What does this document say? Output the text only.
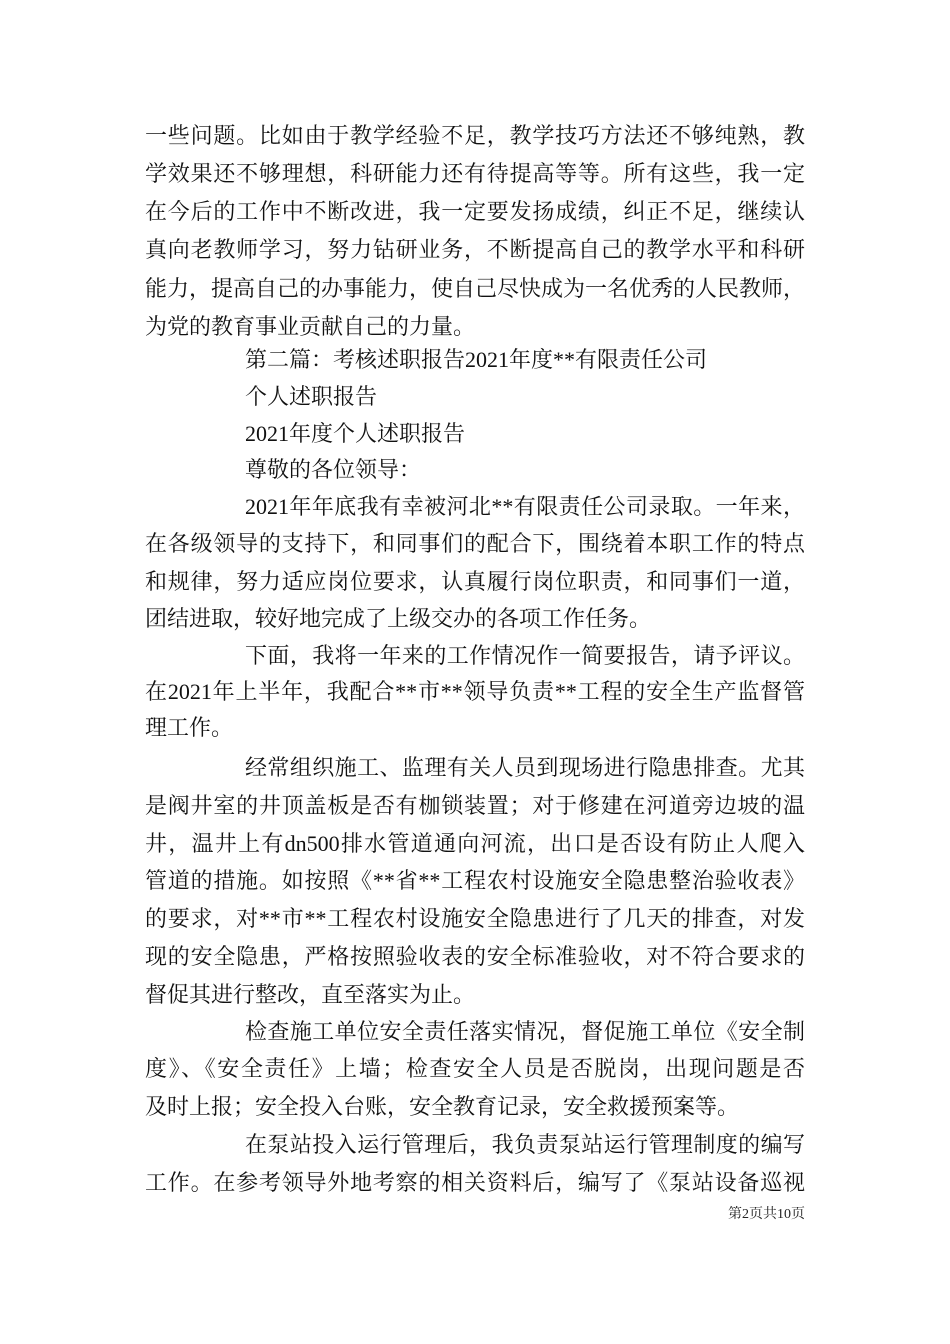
一些问题。比如由于教学经验不足，教学技巧方法还不够纯熟，教
学效果还不够理想，科研能力还有待提高等等。所有这些，我一定
在今后的工作中不断改进，我一定要发扬成绩，纠正不足，继续认
真向老教师学习，努力钻研业务，不断提高自己的教学水平和科研
能力，提高自己的办事能力，使自己尽快成为一名优秀的人民教师，
为党的教育事业贡献自己的力量。
第二篇：考核述职报告2021年度**有限责任公司
个人述职报告
2021年度个人述职报告
尊敬的各位领导：
2021年年底我有幸被河北**有限责任公司录取。一年来，
在各级领导的支持下，和同事们的配合下，围绕着本职工作的特点
和规律，努力适应岗位要求，认真履行岗位职责，和同事们一道，
团结进取，较好地完成了上级交办的各项工作任务。
下面，我将一年来的工作情况作一简要报告，请予评议。
在2021年上半年，我配合**市**领导负责**工程的安全生产监督管
理工作。
经常组织施工、监理有关人员到现场进行隐患排查。尤其
是阀井室的井顶盖板是否有枷锁装置；对于修建在河道旁边坡的温
井，温井上有dn500排水管道通向河流，出口是否设有防止人爬入
管道的措施。如按照《**省**工程农村设施安全隐患整治验收表》
的要求，对**市**工程农村设施安全隐患进行了几天的排查，对发
现的安全隐患，严格按照验收表的安全标准验收，对不符合要求的
督促其进行整改，直至落实为止。
检查施工单位安全责任落实情况，督促施工单位《安全制
度》、《安全责任》上墙；检查安全人员是否脱岗，出现问题是否
及时上报；安全投入台账，安全教育记录，安全救援预案等。
在泵站投入运行管理后，我负责泵站运行管理制度的编写
工作。在参考领导外地考察的相关资料后，编写了《泵站设备巡视
第2页共10页
